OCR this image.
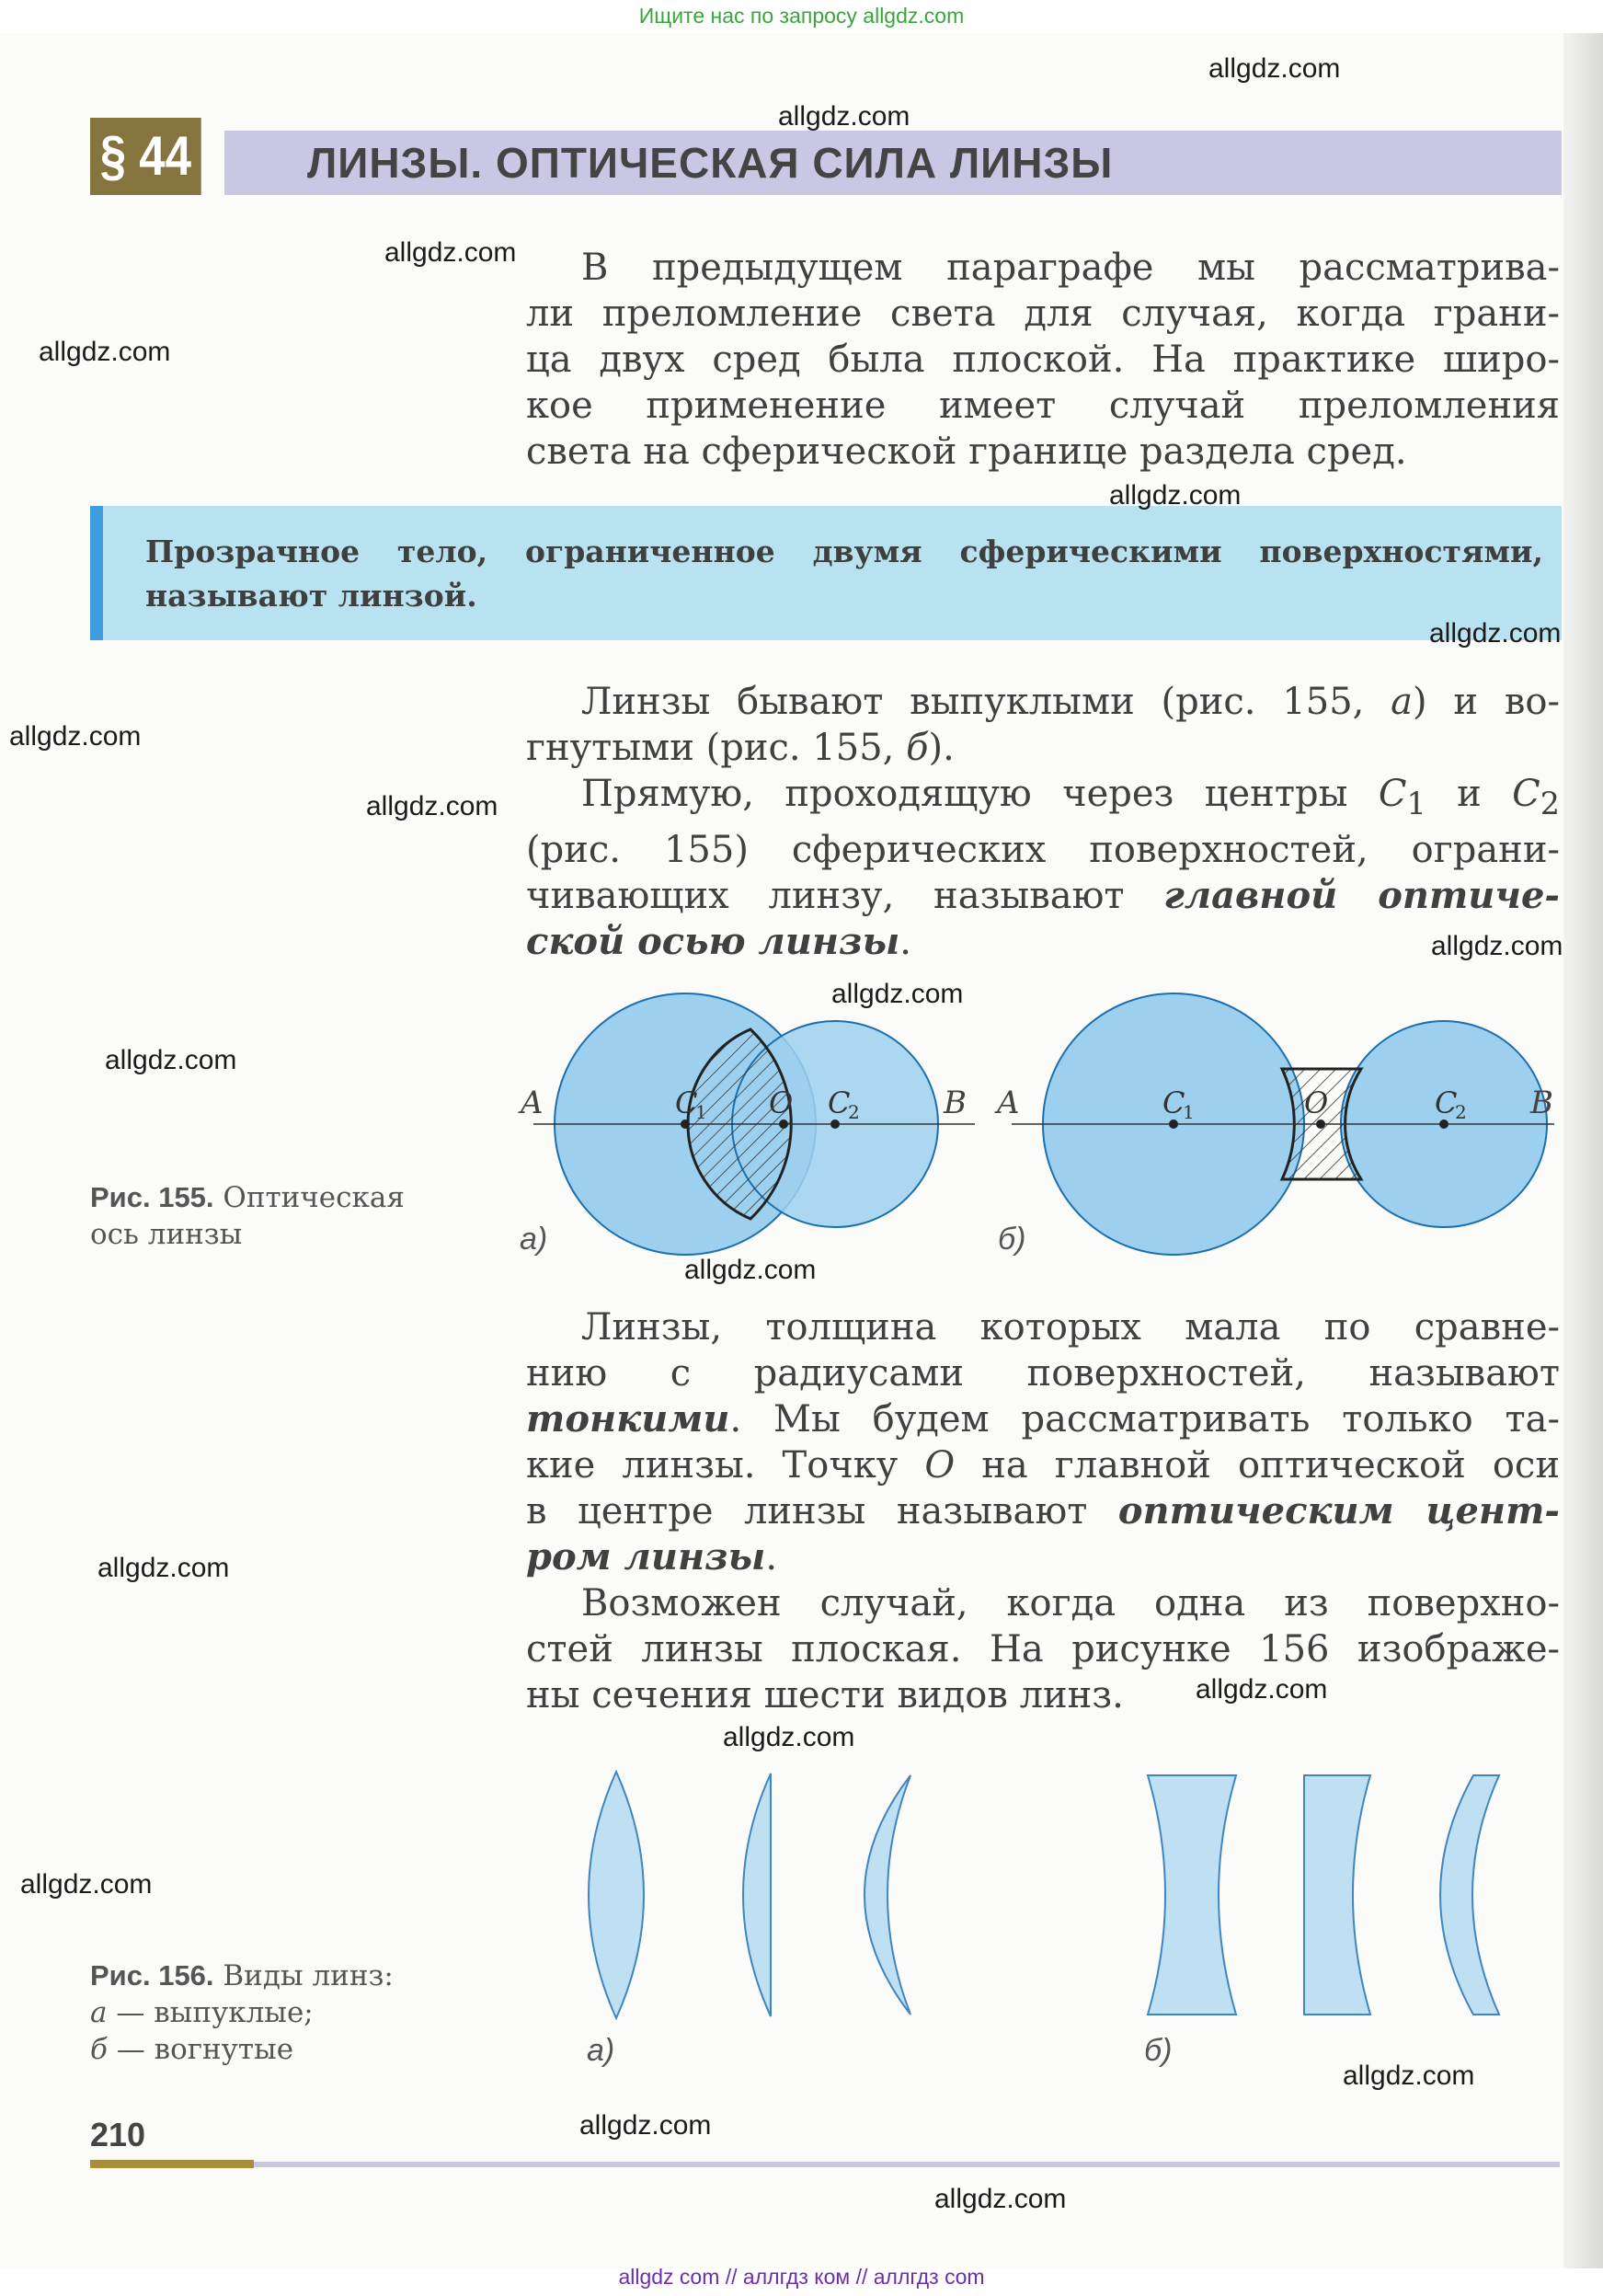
Ищите нас по запросу allgdz.com
§ 44	ЛИНЗЫ. ОПТИЧЕСКАЯ СИЛА ЛИНЗЫ
В предыдущем параграфе мы рассматрива-
ли преломление света для случая, когда грани-
ца двух сред была плоской. На практике широ-
кое применение имеет случай преломления
света на сферической границе раздела сред.
Прозрачное тело, ограниченное двумя сферическими поверхностями,
называют линзой.
Линзы бывают выпуклыми (рис. 155, а) и во-
гнутыми (рис. 155, б).
Прямую, проходящую через центры $C_1$ и $C_2$
(рис. 155) сферических поверхностей, ограни-
чивающих линзу, называют главной оптиче-
ской осью линзы.
A	B
C
1 O C
2	A	B
C
1	O	C
2
а)	б)
Рис. 155. Оптическая
ось линзы
Линзы, толщина которых мала по сравне-
нию с радиусами поверхностей, называют
тонкими. Мы будем рассматривать только та-
кие линзы. Точку O на главной оптической оси
в центре линзы называют оптическим цент-
ром линзы.
Возможен случай, когда одна из поверхно-
стей линзы плоская. На рисунке 156 изображе-
ны сечения шести видов линз.
а)	б)
Рис. 156. Виды линз:
а — выпуклые;
б — вогнутые
210
allgdz.com
allgdz.com
allgdz.com
allgdz.com
allgdz.com
allgdz.com
allgdz.com
allgdz.com
allgdz.com
allgdz.com
allgdz.com
allgdz.com
allgdz.com
allgdz.com
allgdz.com
allgdz.com
allgdz.com
allgdz.com
allgdz.com
allgdz com // аллгдз ком // аллгдз com
